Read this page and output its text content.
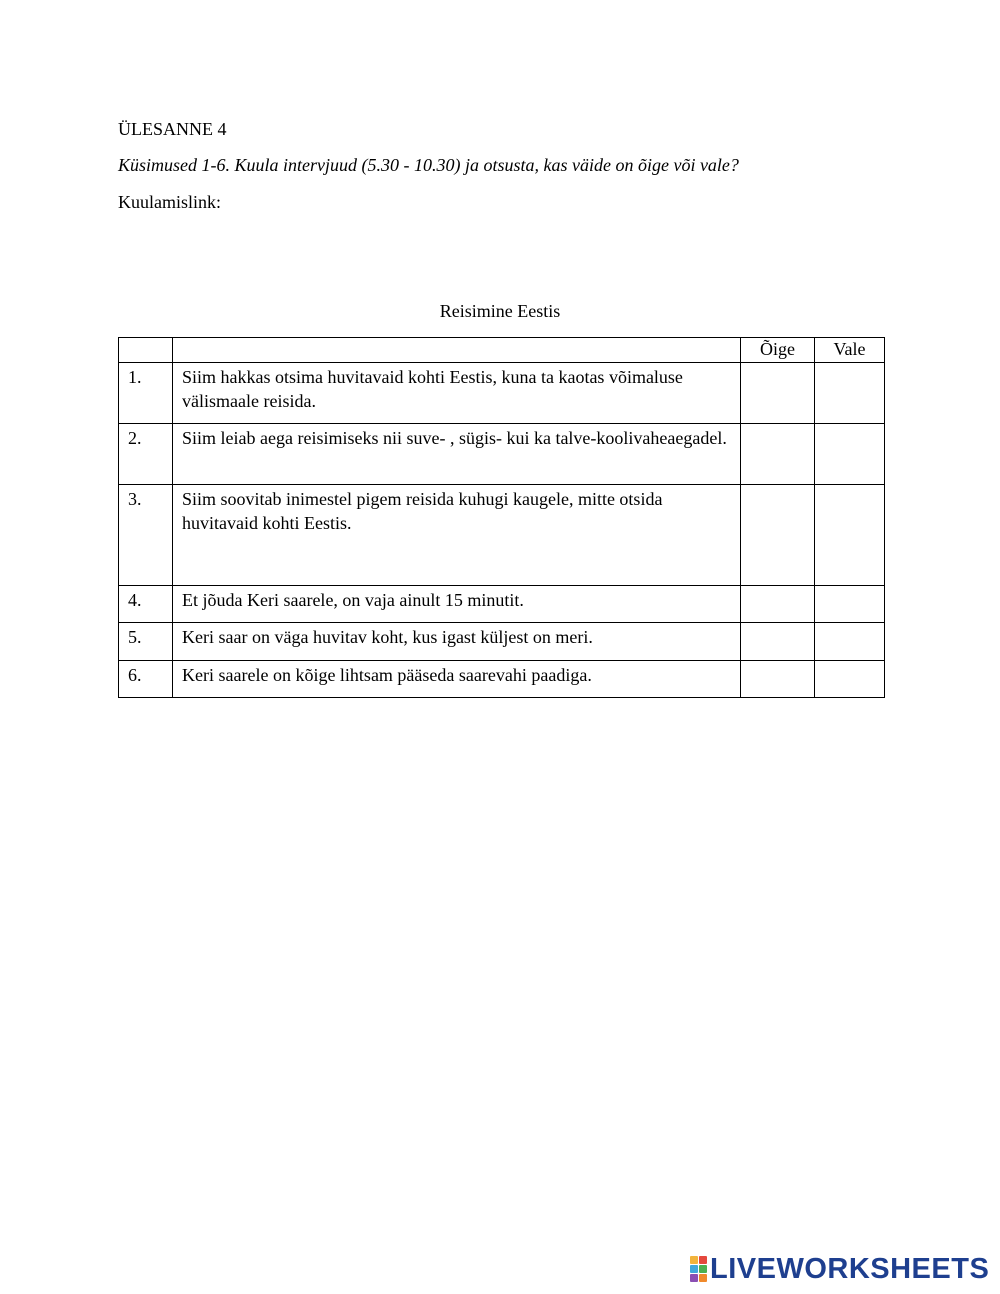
ÜLESANNE 4
Küsimused 1-6. Kuula intervjuud (5.30 - 10.30) ja otsusta, kas väide on õige või vale?
Kuulamislink:
Reisimine Eestis
		Õige	Vale
1.	Siim hakkas otsima huvitavaid kohti Eestis, kuna ta kaotas võimaluse välismaale reisida.		
2.	Siim leiab aega reisimiseks nii suve- , sügis- kui ka talve-koolivaheaegadel.		
3.	Siim soovitab inimestel pigem reisida kuhugi kaugele, mitte otsida huvitavaid kohti Eestis.		
4.	Et jõuda Keri saarele, on vaja ainult 15 minutit.		
5.	Keri saar on väga huvitav koht, kus igast küljest on meri.		
6.	Keri saarele on kõige lihtsam pääseda saarevahi paadiga.		
LIVEWORKSHEETS
